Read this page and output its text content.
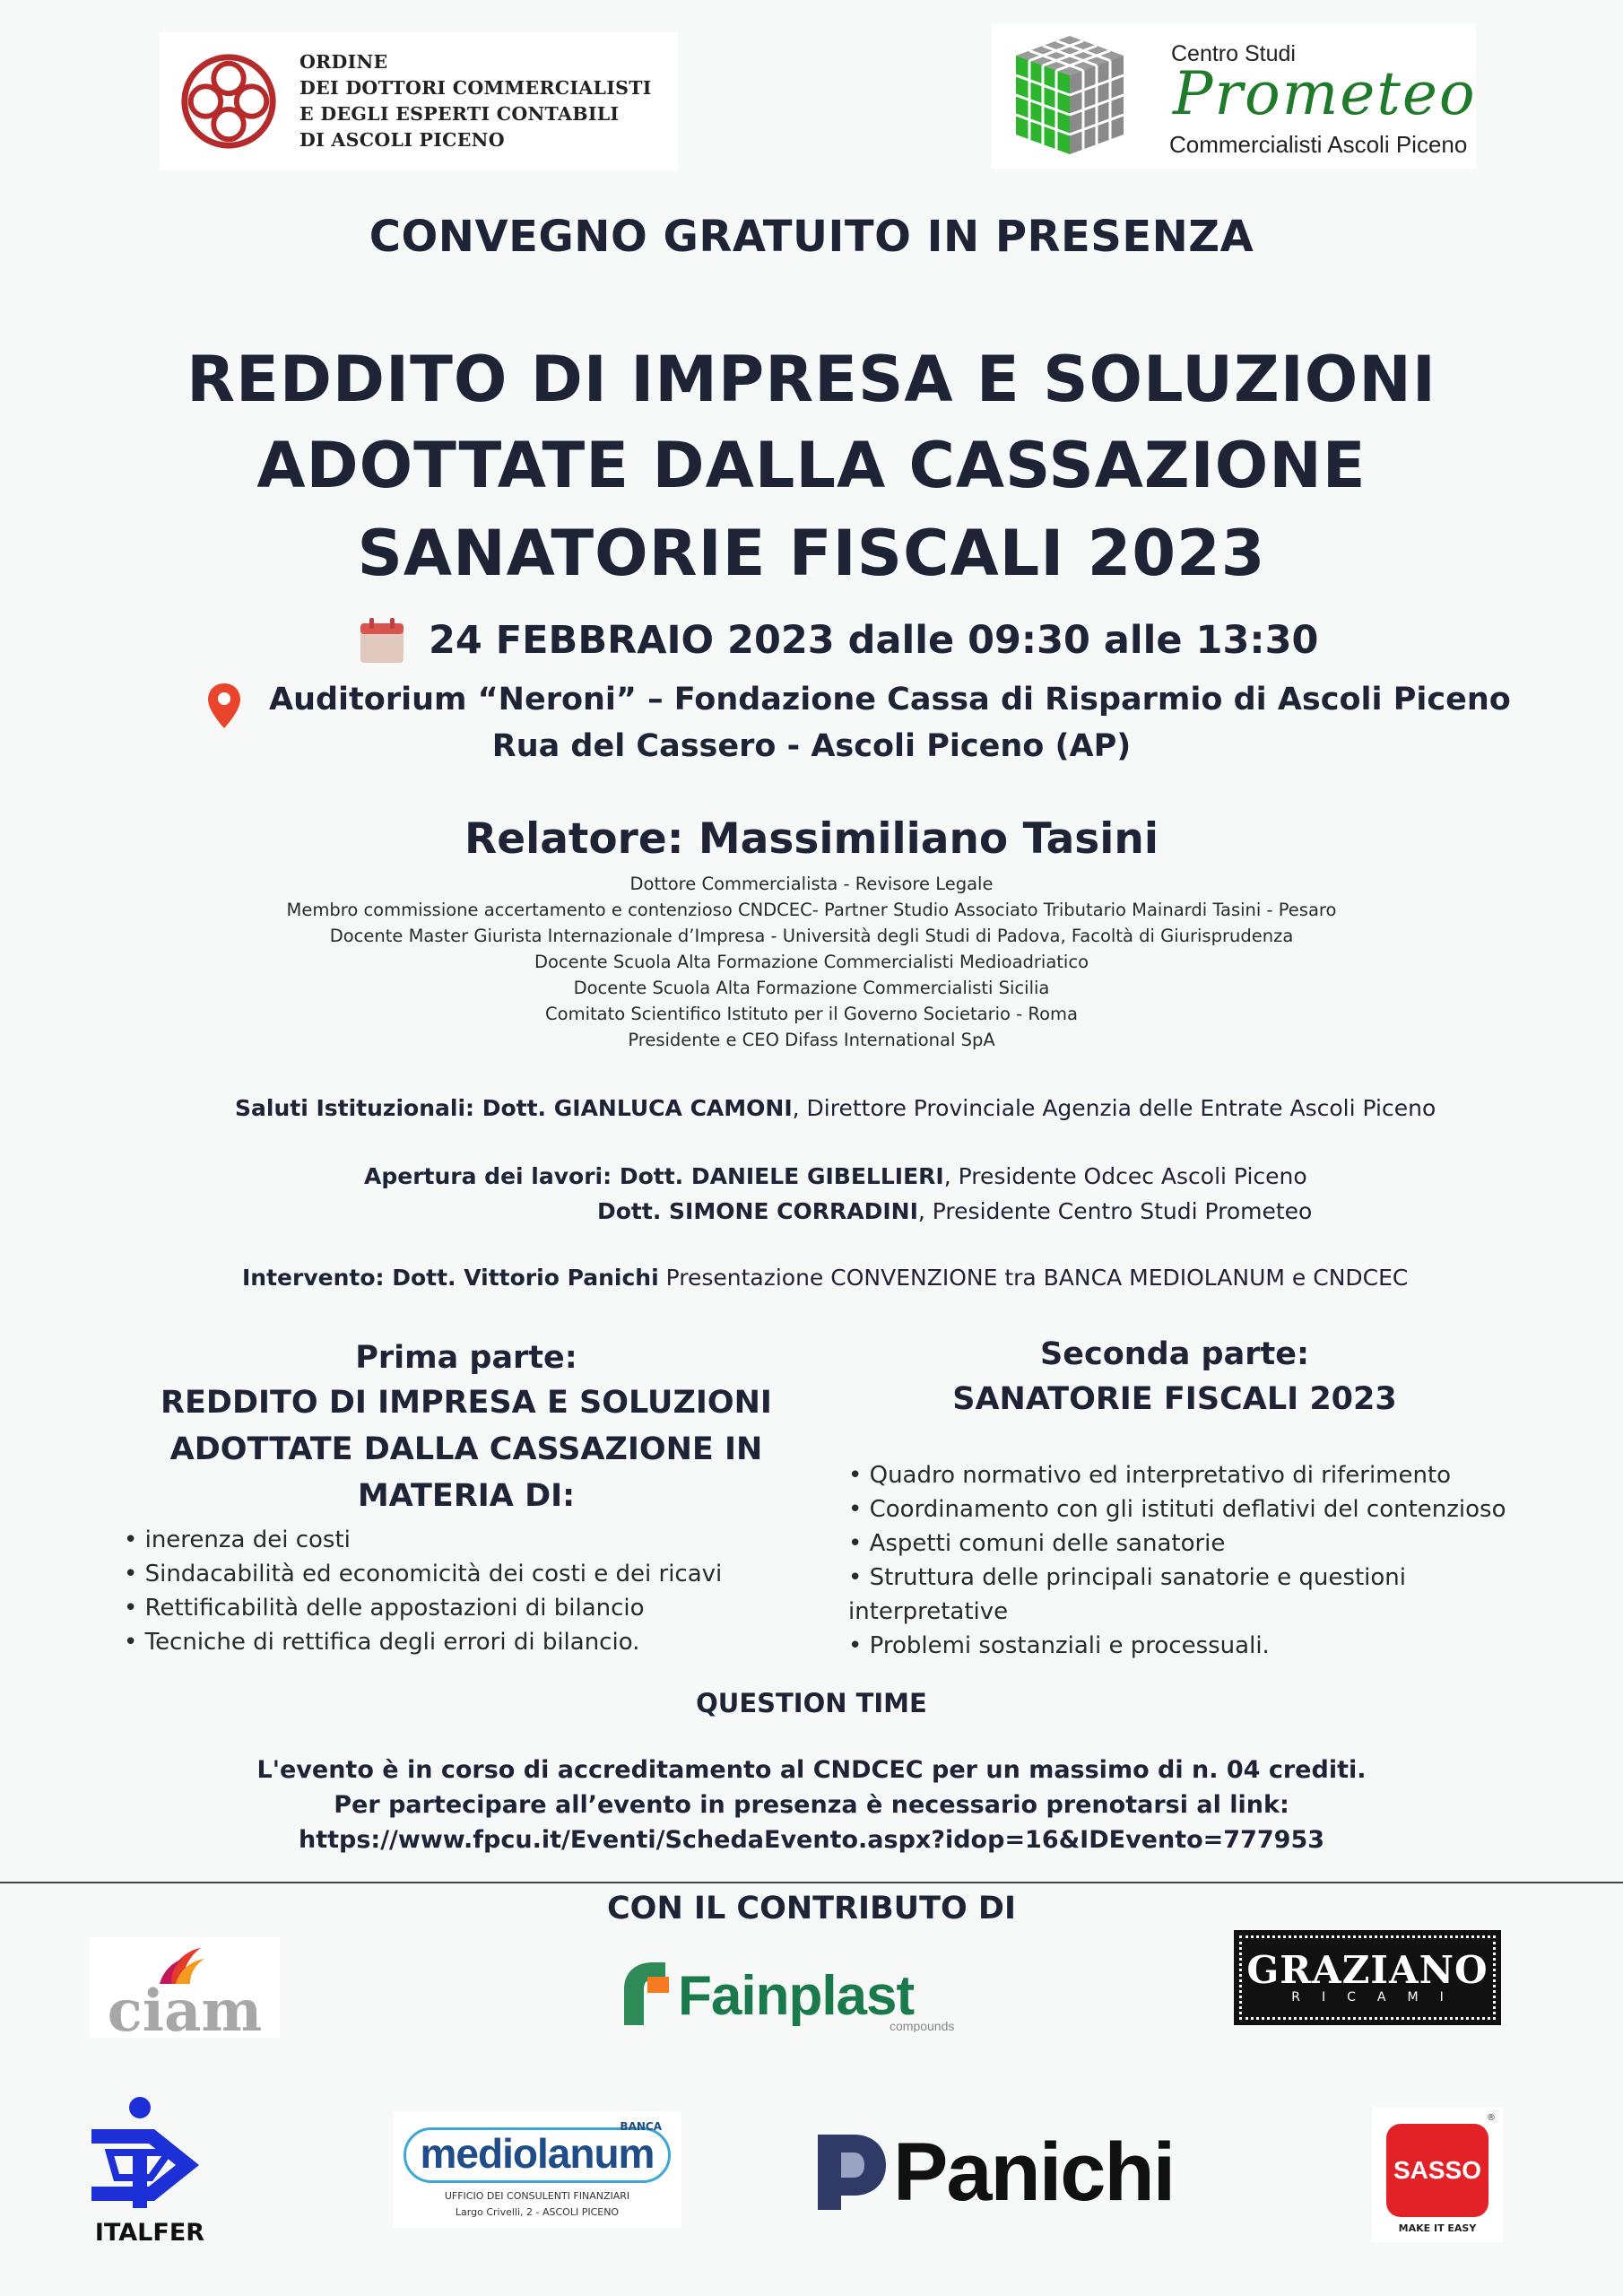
ORDINE
DEI DOTTORI COMMERCIALISTI
E DEGLI ESPERTI CONTABILI
DI ASCOLI PICENO
Centro Studi
Prometeo
Commercialisti Ascoli Piceno
CONVEGNO GRATUITO IN PRESENZA
REDDITO DI IMPRESA E SOLUZIONI
ADOTTATE DALLA CASSAZIONE
SANATORIE FISCALI 2023
24 FEBBRAIO 2023 dalle 09:30 alle 13:30
Auditorium “Neroni” – Fondazione Cassa di Risparmio di Ascoli Piceno
Rua del Cassero - Ascoli Piceno (AP)
Relatore: Massimiliano Tasini
Dottore Commercialista - Revisore Legale
Membro commissione accertamento e contenzioso CNDCEC- Partner Studio Associato Tributario Mainardi Tasini - Pesaro
Docente Master Giurista Internazionale d’Impresa - Università degli Studi di Padova, Facoltà di Giurisprudenza
Docente Scuola Alta Formazione Commercialisti Medioadriatico
Docente Scuola Alta Formazione Commercialisti Sicilia
Comitato Scientifico Istituto per il Governo Societario - Roma
Presidente e CEO Difass International SpA
Saluti Istituzionali: Dott. GIANLUCA CAMONI, Direttore Provinciale Agenzia delle Entrate Ascoli Piceno
Apertura dei lavori: Dott. DANIELE GIBELLIERI, Presidente Odcec Ascoli Piceno
Dott. SIMONE CORRADINI, Presidente Centro Studi Prometeo
Intervento: Dott. Vittorio Panichi Presentazione CONVENZIONE tra BANCA MEDIOLANUM e CNDCEC
Prima parte:
REDDITO DI IMPRESA E SOLUZIONI
ADOTTATE DALLA CASSAZIONE IN
MATERIA DI:
• inerenza dei costi
• Sindacabilità ed economicità dei costi e dei ricavi
• Rettificabilità delle appostazioni di bilancio
• Tecniche di rettifica degli errori di bilancio.
Seconda parte:
SANATORIE FISCALI 2023
• Quadro normativo ed interpretativo di riferimento
• Coordinamento con gli istituti deflativi del contenzioso
• Aspetti comuni delle sanatorie
• Struttura delle principali sanatorie e questioni
interpretative
• Problemi sostanziali e processuali.
QUESTION TIME
L'evento è in corso di accreditamento al CNDCEC per un massimo di n. 04 crediti.
Per partecipare all’evento in presenza è necessario prenotarsi al link:
https://www.fpcu.it/Eventi/SchedaEvento.aspx?idop=16&IDEvento=777953
CON IL CONTRIBUTO DI
ciam	Fainplast
compounds
GRAZIANO
RICAMI
ITALFER
BANCA
mediolanum
UFFICIO DEI CONSULENTI FINANZIARI
Largo Crivelli, 2 - ASCOLI PICENO	Panichi
®
SASSO
MAKE IT EASY
